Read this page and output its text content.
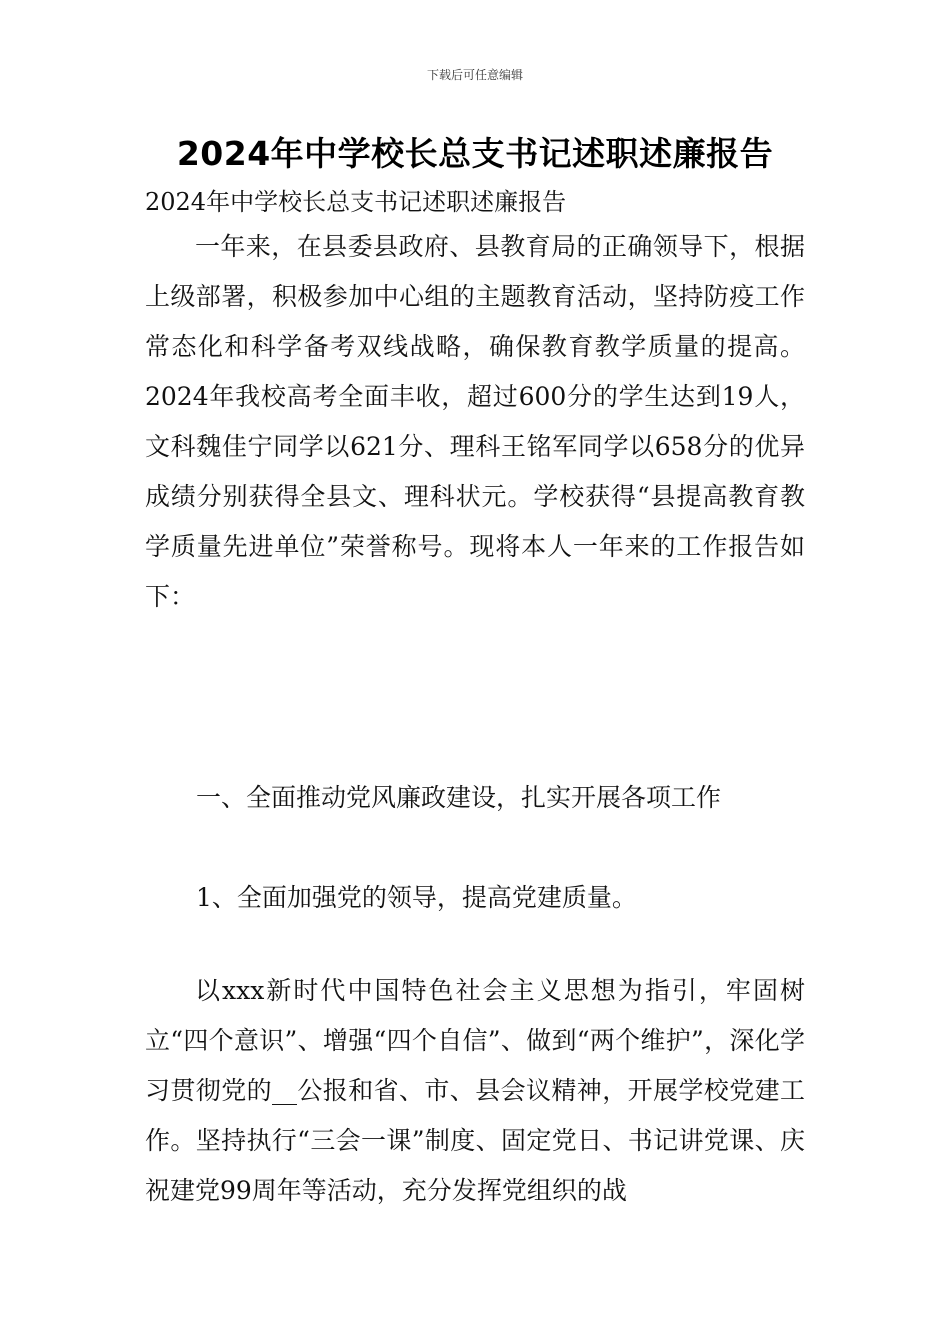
下载后可任意编辑
2024年中学校长总支书记述职述廉报告
2024年中学校长总支书记述职述廉报告

一年来，在县委县政府、县教育局的正确领导下，根据上级部署，积极参加中心组的主题教育活动，坚持防疫工作常态化和科学备考双线战略，确保教育教学质量的提高。2024年我校高考全面丰收，超过600分的学生达到19人，文科魏佳宁同学以621分、理科王铭军同学以658分的优异成绩分别获得全县文、理科状元。学校获得“县提高教育教学质量先进单位”荣誉称号。现将本人一年来的工作报告如下：

一、全面推动党风廉政建设，扎实开展各项工作

1、全面加强党的领导，提高党建质量。

以xxx新时代中国特色社会主义思想为指引，牢固树立“四个意识”、增强“四个自信”、做到“两个维护”，深化学习贯彻党的__公报和省、市、县会议精神，开展学校党建工作。坚持执行“三会一课”制度、固定党日、书记讲党课、庆祝建党99周年等活动，充分发挥党组织的战
